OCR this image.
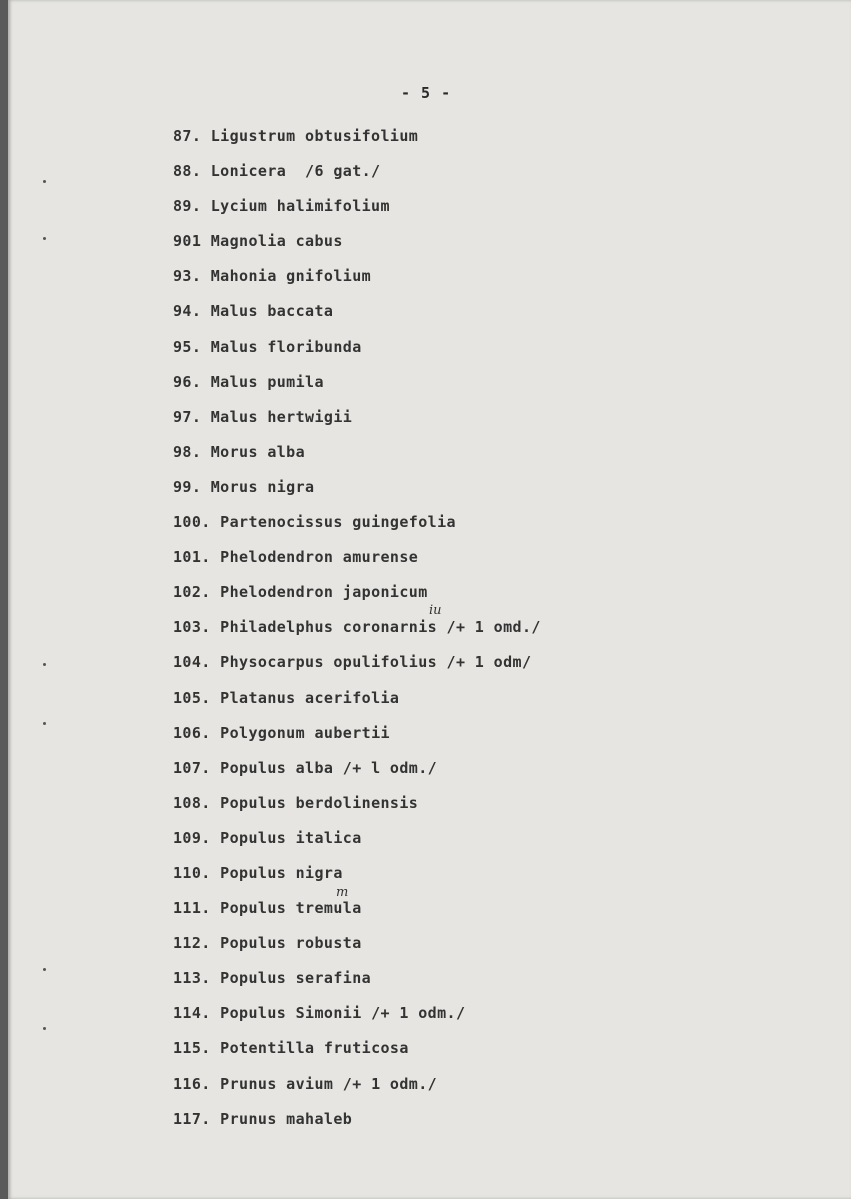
- 5 -
87. Ligustrum obtusifolium
88. Lonicera  /6 gat./
89. Lycium halimifolium
901 Magnolia cabus
93. Mahonia gnifolium
94. Malus baccata
95. Malus floribunda
96. Malus pumila
97. Malus hertwigii
98. Morus alba
99. Morus nigra
100. Partenocissus guingefolia
101. Phelodendron amurense
102. Phelodendron japonicum
103. Philadelphus coronarnis /+ 1 omd./
104. Physocarpus opulifolius /+ 1 odm/
105. Platanus acerifolia
106. Polygonum aubertii
107. Populus alba /+ l odm./
108. Populus berdolinensis
109. Populus italica
110. Populus nigra
111. Populus tremula
112. Populus robusta
113. Populus serafina
114. Populus Simonii /+ 1 odm./
115. Potentilla fruticosa
116. Prunus avium /+ 1 odm./
117. Prunus mahaleb
iu
m
